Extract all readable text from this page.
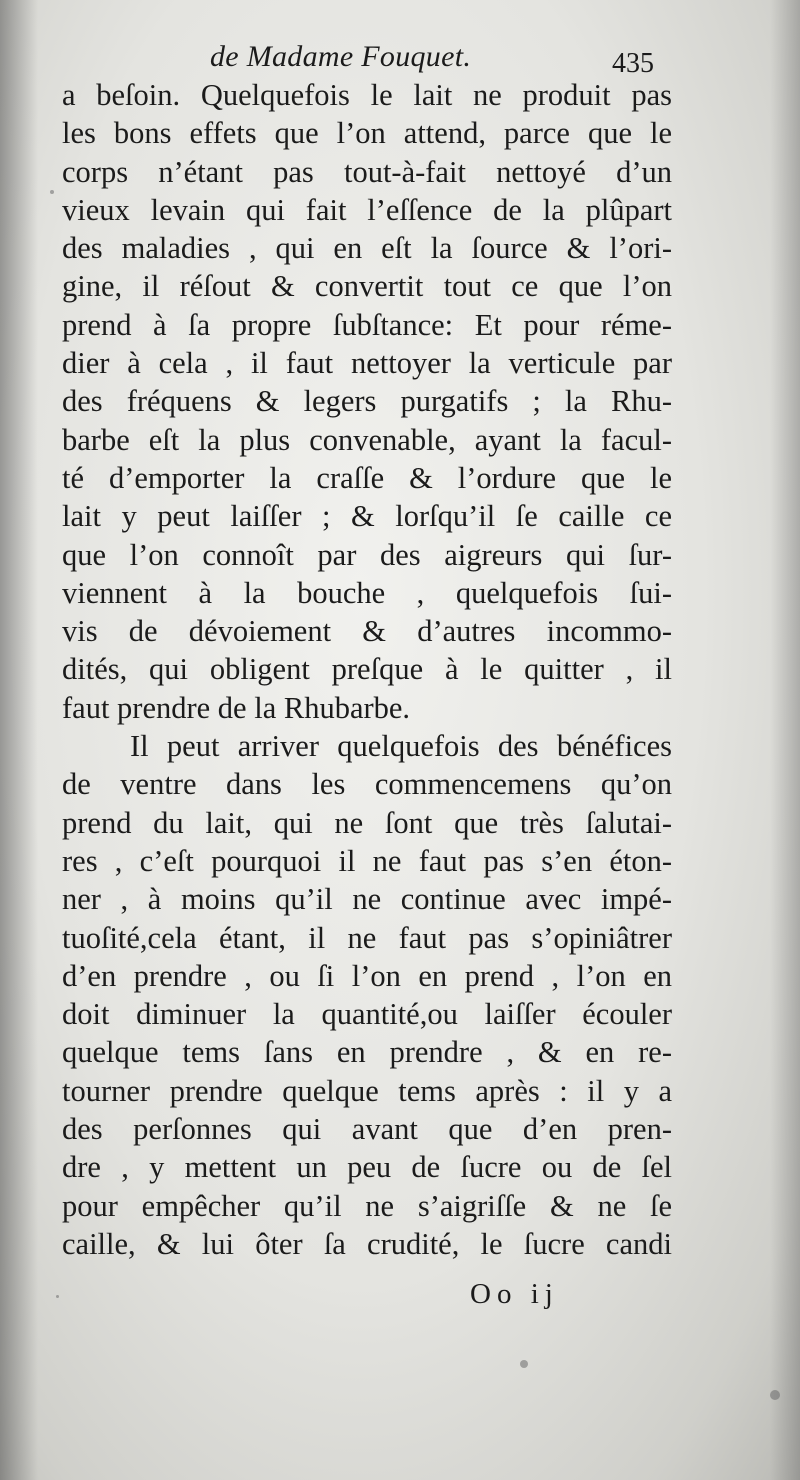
de Madame Fouquet.	435
a beſoin. Quelquefois le lait ne produit pas
les bons effets que l’on attend, parce que le
corps n’étant pas tout-à-fait nettoyé d’un
vieux levain qui fait l’eſſence de la plûpart
des maladies , qui en eſt la ſource & l’ori-
gine, il réſout & convertit tout ce que l’on
prend à ſa propre ſubſtance: Et pour réme-
dier à cela , il faut nettoyer la verticule par
des fréquens & legers purgatifs ; la Rhu-
barbe eſt la plus convenable, ayant la facul-
té d’emporter la craſſe & l’ordure que le
lait y peut laiſſer ; & lorſqu’il ſe caille ce
que l’on connoît par des aigreurs qui ſur-
viennent à la bouche , quelquefois ſui-
vis de dévoiement & d’autres incommo-
dités, qui obligent preſque à le quitter , il
faut prendre de la Rhubarbe.
Il peut arriver quelquefois des bénéfices
de ventre dans les commencemens qu’on
prend du lait, qui ne ſont que très ſalutai-
res , c’eſt pourquoi il ne faut pas s’en éton-
ner , à moins qu’il ne continue avec impé-
tuoſité,cela étant, il ne faut pas s’opiniâtrer
d’en prendre , ou ſi l’on en prend , l’on en
doit diminuer la quantité,ou laiſſer écouler
quelque tems ſans en prendre , & en re-
tourner prendre quelque tems après : il y a
des perſonnes qui avant que d’en pren-
dre , y mettent un peu de ſucre ou de ſel
pour empêcher qu’il ne s’aigriſſe & ne ſe
caille, & lui ôter ſa crudité, le ſucre candi
Oo ij
